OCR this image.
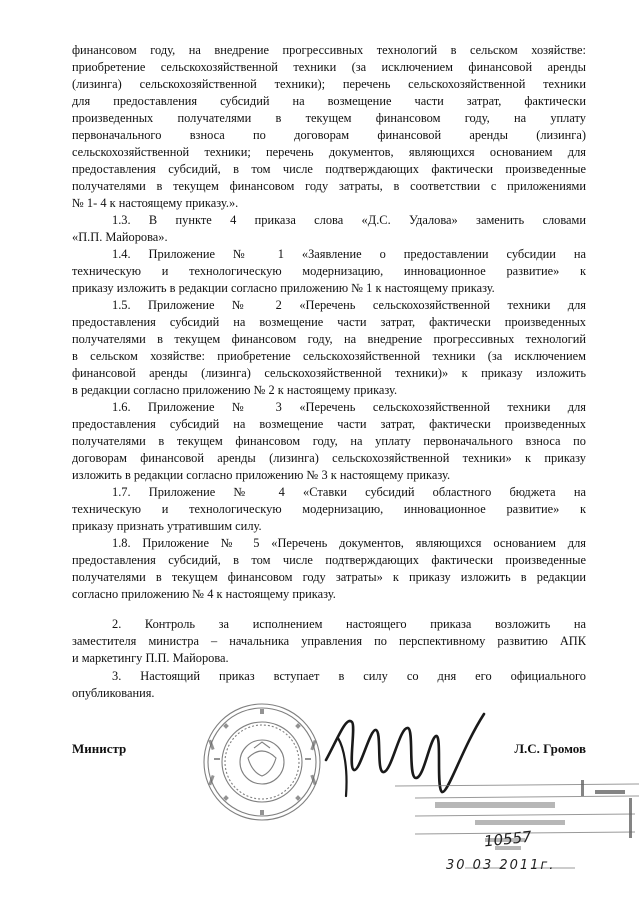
финансовом году, на внедрение прогрессивных технологий в сельском хозяйстве:
приобретение сельскохозяйственной техники (за исключением финансовой аренды
(лизинга) сельскохозяйственной техники); перечень сельскохозяйственной техники
для предоставления субсидий на возмещение части затрат, фактически
произведенных получателями в текущем финансовом году, на уплату
первоначального взноса по договорам финансовой аренды (лизинга)
сельскохозяйственной техники; перечень документов, являющихся основанием для
предоставления субсидий, в том числе подтверждающих фактически произведенные
получателями в текущем финансовом году затраты, в соответствии с приложениями
№ 1- 4 к настоящему приказу.».
1.3. В пункте 4 приказа слова «Д.С. Удалова» заменить словами
«П.П. Майорова».
1.4. Приложение № 1 «Заявление о предоставлении субсидии на
техническую и технологическую модернизацию, инновационное развитие» к
приказу изложить в редакции согласно приложению № 1 к настоящему приказу.
1.5. Приложение № 2 «Перечень сельскохозяйственной техники для
предоставления субсидий на возмещение части затрат, фактически произведенных
получателями в текущем финансовом году, на внедрение прогрессивных технологий
в сельском хозяйстве: приобретение сельскохозяйственной техники (за исключением
финансовой аренды (лизинга) сельскохозяйственной техники)» к приказу изложить
в редакции согласно приложению № 2 к настоящему приказу.
1.6. Приложение № 3 «Перечень сельскохозяйственной техники для
предоставления субсидий на возмещение части затрат, фактически произведенных
получателями в текущем финансовом году, на уплату первоначального взноса по
договорам финансовой аренды (лизинга) сельскохозяйственной техники» к приказу
изложить в редакции согласно приложению № 3 к настоящему приказу.
1.7. Приложение № 4 «Ставки субсидий областного бюджета на
техническую и технологическую модернизацию, инновационное развитие» к
приказу признать утратившим силу.
1.8. Приложение № 5 «Перечень документов, являющихся основанием для
предоставления субсидий, в том числе подтверждающих фактически произведенные
получателями в текущем финансовом году затраты» к приказу изложить в редакции
согласно приложению № 4 к настоящему приказу.
2. Контроль за исполнением настоящего приказа возложить на
заместителя министра – начальника управления по перспективному развитию АПК
и маркетингу П.П. Майорова.
3. Настоящий приказ вступает в силу со дня его официального
опубликования.
Министр	Л.С. Громов
10557
30 03 2011г.
